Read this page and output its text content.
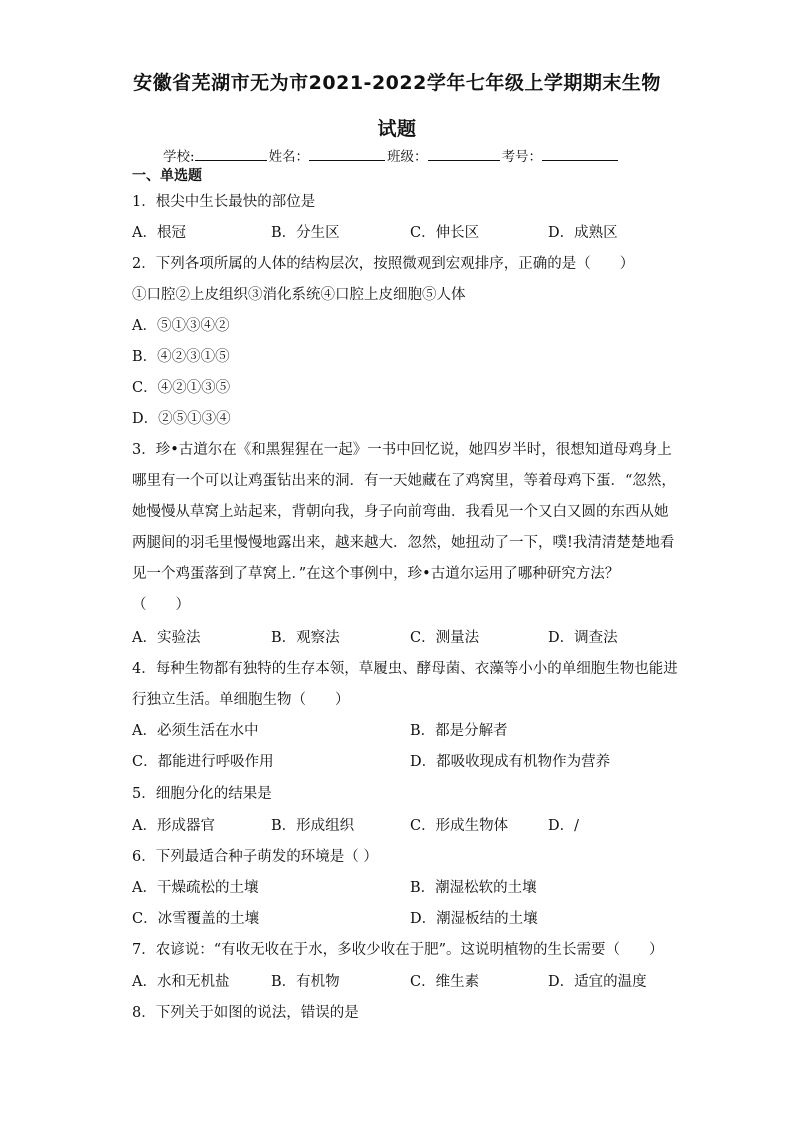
安徽省芜湖市无为市2021-2022学年七年级上学期期末生物
试题
学校:	姓名：	班级：	考号：
一、单选题
1．根尖中生长最快的部位是
A．根冠	B．分生区	C．伸长区	D．成熟区
2．下列各项所属的人体的结构层次，按照微观到宏观排序，正确的是（　　）
①口腔②上皮组织③消化系统④口腔上皮细胞⑤人体
A．⑤①③④②
B．④②③①⑤
C．④②①③⑤
D．②⑤①③④
3．珍•古道尔在《和黑猩猩在一起》一书中回忆说，她四岁半时，很想知道母鸡身上
哪里有一个可以让鸡蛋钻出来的洞．有一天她藏在了鸡窝里，等着母鸡下蛋．“忽然，
她慢慢从草窝上站起来，背朝向我，身子向前弯曲．我看见一个又白又圆的东西从她
两腿间的羽毛里慢慢地露出来，越来越大．忽然，她扭动了一下，噗!我清清楚楚地看
见一个鸡蛋落到了草窝上．”在这个事例中，珍•古道尔运用了哪种研究方法？
（　　）
A．实验法	B．观察法	C．测量法	D．调查法
4．每种生物都有独特的生存本领，草履虫、酵母菌、衣藻等小小的单细胞生物也能进
行独立生活。单细胞生物（　　）
A．必须生活在水中	B．都是分解者
C．都能进行呼吸作用	D．都吸收现成有机物作为营养
5．细胞分化的结果是
A．形成器官	B．形成组织	C．形成生物体	D．/
6．下列最适合种子萌发的环境是（ ）
A．干燥疏松的土壤	B．潮湿松软的土壤
C．冰雪覆盖的土壤	D．潮湿板结的土壤
7．农谚说：“有收无收在于水，多收少收在于肥”。这说明植物的生长需要（　　）
A．水和无机盐	B．有机物	C．维生素	D．适宜的温度
8．下列关于如图的说法，错误的是
